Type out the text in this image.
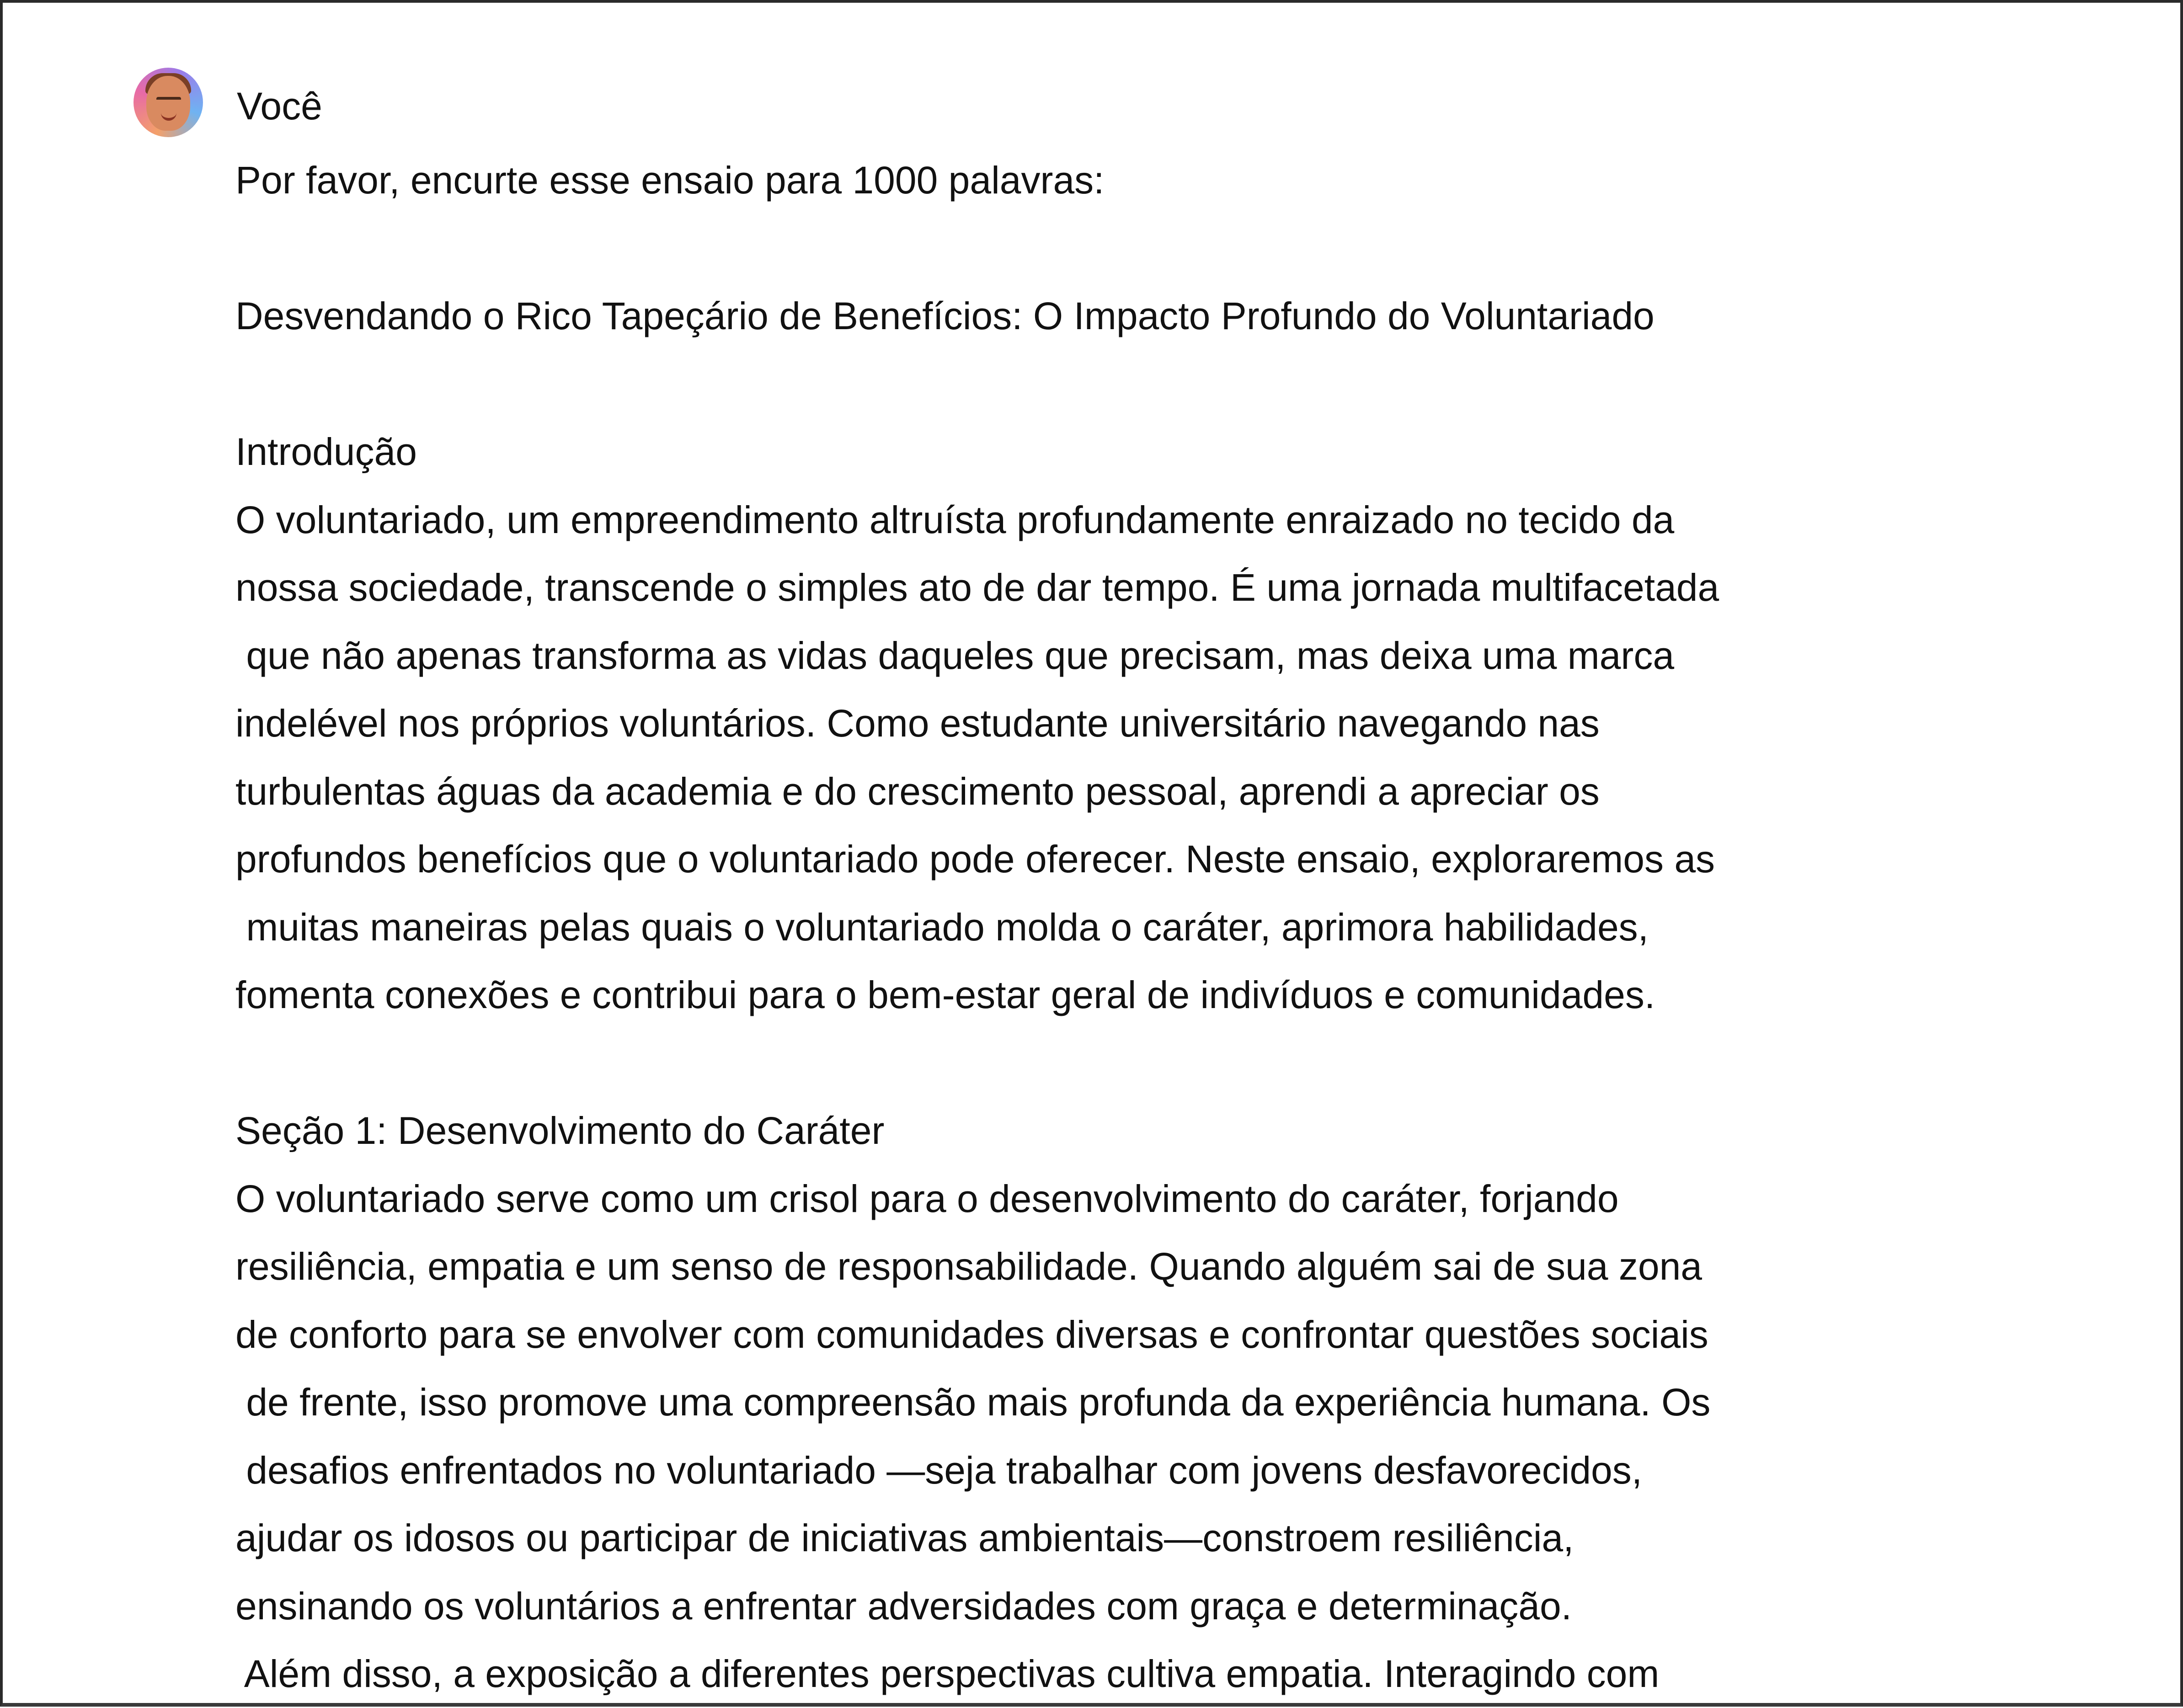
Você

Por favor, encurte esse ensaio para 1000 palavras:

Desvendando o Rico Tapeçário de Benefícios: O Impacto Profundo do Voluntariado

Introdução

O voluntariado, um empreendimento altruísta profundamente enraizado no tecido da

nossa sociedade, transcende o simples ato de dar tempo. É uma jornada multifacetada

que não apenas transforma as vidas daqueles que precisam, mas deixa uma marca

indelével nos próprios voluntários. Como estudante universitário navegando nas

turbulentas águas da academia e do crescimento pessoal, aprendi a apreciar os

profundos benefícios que o voluntariado pode oferecer. Neste ensaio, exploraremos as

muitas maneiras pelas quais o voluntariado molda o caráter, aprimora habilidades,

fomenta conexões e contribui para o bem-estar geral de indivíduos e comunidades.

Seção 1: Desenvolvimento do Caráter

O voluntariado serve como um crisol para o desenvolvimento do caráter, forjando

resiliência, empatia e um senso de responsabilidade. Quando alguém sai de sua zona

de conforto para se envolver com comunidades diversas e confrontar questões sociais

de frente, isso promove uma compreensão mais profunda da experiência humana. Os

desafios enfrentados no voluntariado —seja trabalhar com jovens desfavorecidos,

ajudar os idosos ou participar de iniciativas ambientais—constroem resiliência,

ensinando os voluntários a enfrentar adversidades com graça e determinação.

Além disso, a exposição a diferentes perspectivas cultiva empatia. Interagindo com
